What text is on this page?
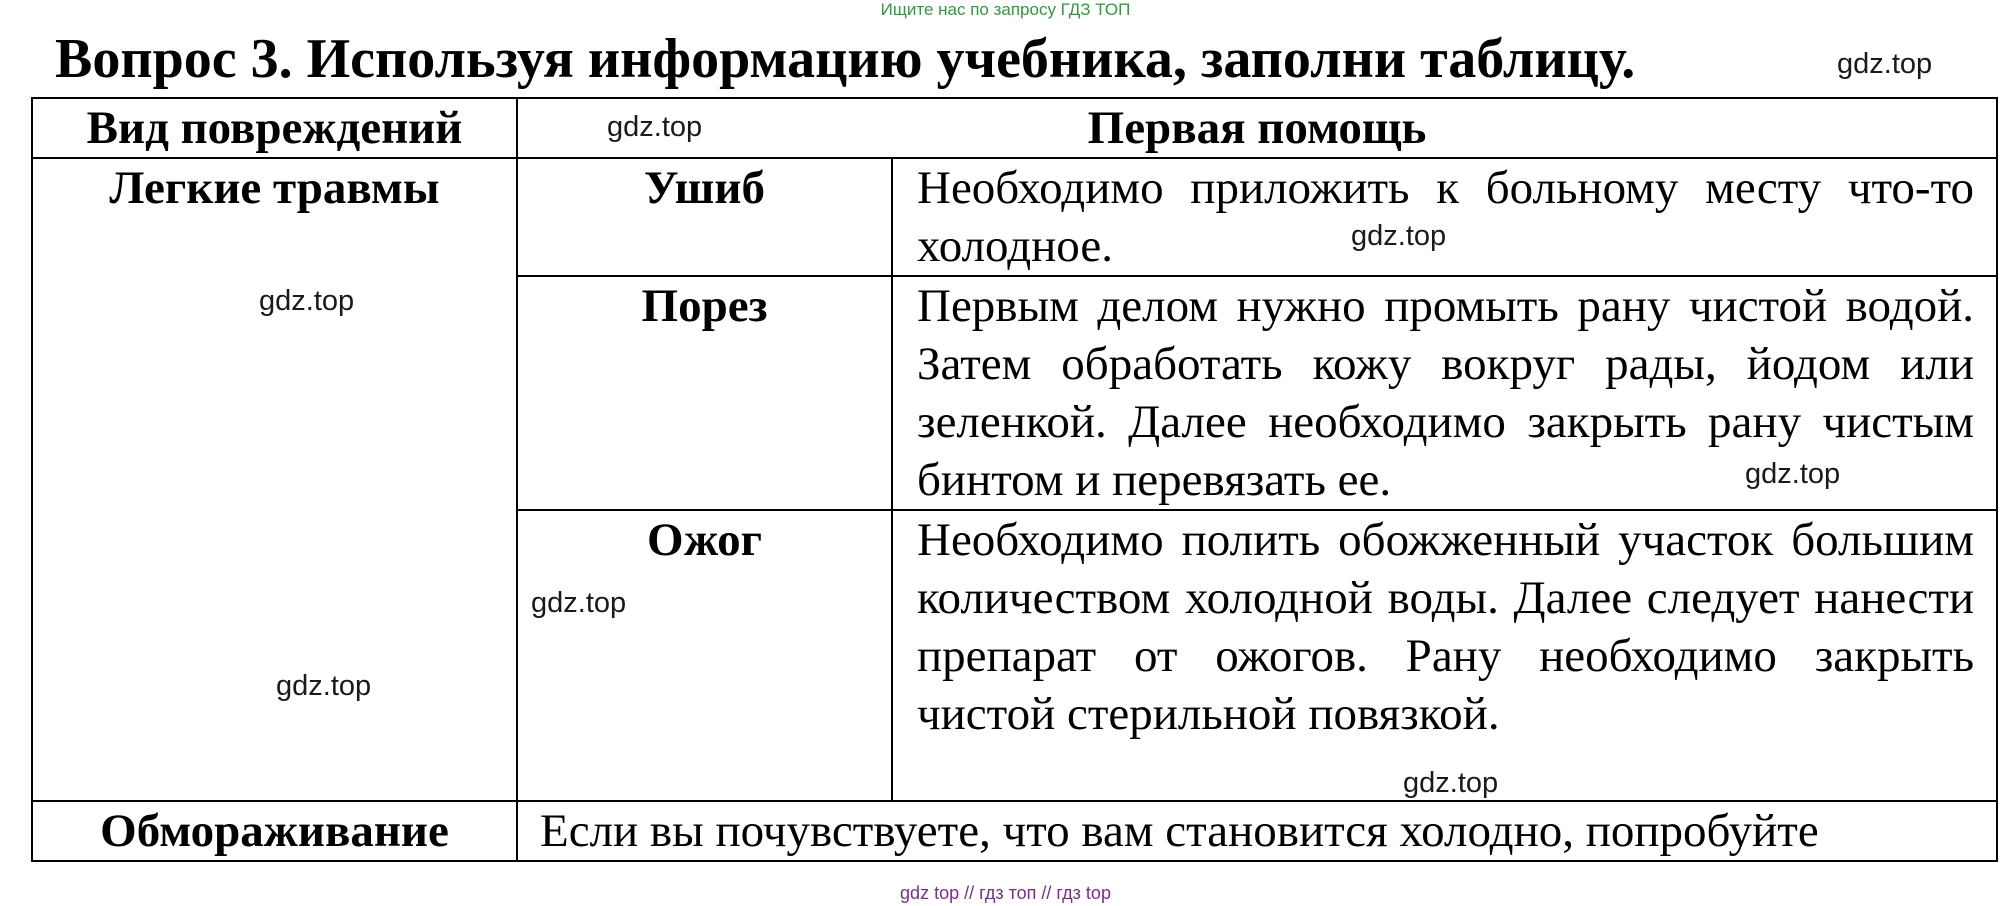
Ищите нас по запросу ГДЗ ТОП
Вопрос 3. Используя информацию учебника, заполни таблицу.
Вид повреждений	Первая помощь	
Легкие травмы	Ушиб	Необходимо приложить к больному месту что-то холодное.
	Порез	Первым делом нужно промыть рану чистой водой. Затем обработать кожу вокруг рады, йодом или зеленкой. Далее необходимо закрыть рану чистым бинтом и перевязать ее.
	Ожог	Необходимо полить обожженный участок большим количеством холодной воды. Далее следует нанести препарат от ожогов. Рану необходимо закрыть чистой стерильной повязкой.
Обмораживание	Если вы почувствуете, что вам становится холодно, попробуйте	
gdz.top
gdz.top
gdz.top
gdz.top
gdz.top
gdz.top
gdz.top
gdz.top
gdz top // гдз топ // гдз top
